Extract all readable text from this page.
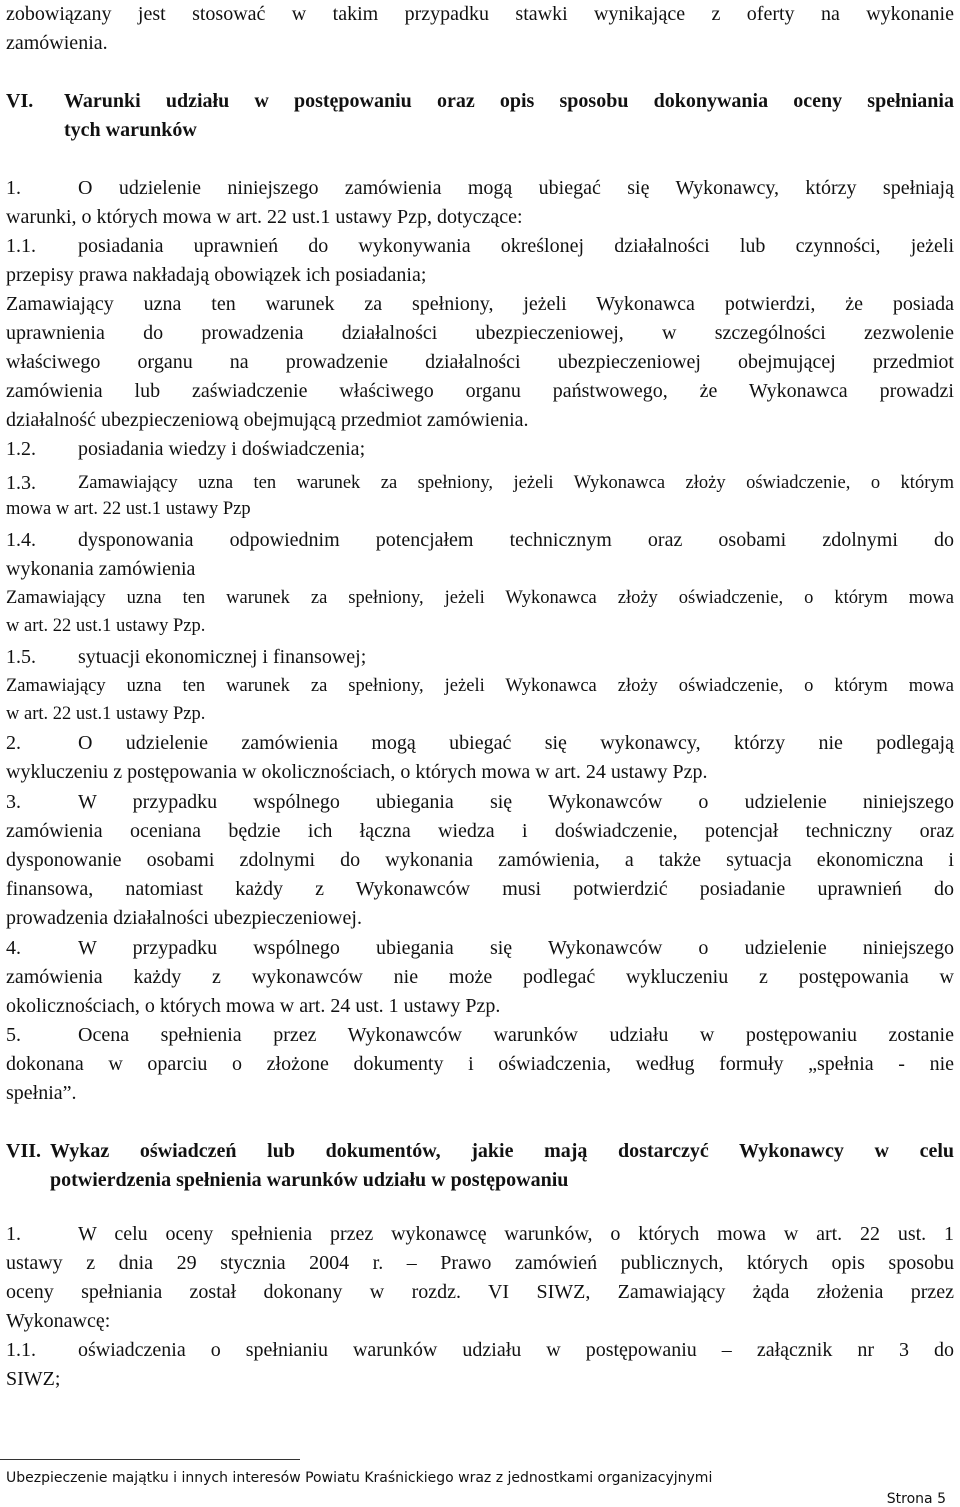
zobowiązany jest stosować w takim przypadku stawki wynikające z oferty na wykonanie
zamówienia.
VI. Warunki udziału w postępowaniu oraz opis sposobu dokonywania oceny spełniania
tych warunków
1.	O udzielenie niniejszego zamówienia mogą ubiegać się Wykonawcy, którzy spełniają
warunki, o których mowa w art. 22 ust.1 ustawy Pzp, dotyczące:
1.1. posiadania uprawnień do wykonywania określonej działalności lub czynności, jeżeli
przepisy prawa nakładają obowiązek ich posiadania;
Zamawiający uzna ten warunek za spełniony, jeżeli Wykonawca potwierdzi, że posiada
uprawnienia do prowadzenia działalności ubezpieczeniowej, w szczególności zezwolenie
właściwego organu na prowadzenie działalności ubezpieczeniowej obejmującej przedmiot
zamówienia lub zaświadczenie właściwego organu państwowego, że Wykonawca prowadzi
działalność ubezpieczeniową obejmującą przedmiot zamówienia.
1.2. posiadania wiedzy i doświadczenia;
1.3. Zamawiający uzna ten warunek za spełniony, jeżeli Wykonawca złoży oświadczenie, o którym
mowa w art. 22 ust.1 ustawy Pzp
1.4. dysponowania odpowiednim potencjałem technicznym oraz osobami zdolnymi do
wykonania zamówienia
Zamawiający uzna ten warunek za spełniony, jeżeli Wykonawca złoży oświadczenie, o którym mowa
w art. 22 ust.1 ustawy Pzp.
1.5. sytuacji ekonomicznej i finansowej;
Zamawiający uzna ten warunek za spełniony, jeżeli Wykonawca złoży oświadczenie, o którym mowa
w art. 22 ust.1 ustawy Pzp.
2.	O udzielenie zamówienia mogą ubiegać się wykonawcy, którzy nie podlegają
wykluczeniu z postępowania w okolicznościach, o których mowa w art. 24 ustawy Pzp.
3.	W przypadku wspólnego ubiegania się Wykonawców o udzielenie niniejszego
zamówienia oceniana będzie ich łączna wiedza i doświadczenie, potencjał techniczny oraz
dysponowanie osobami zdolnymi do wykonania zamówienia, a także sytuacja ekonomiczna i
finansowa, natomiast każdy z Wykonawców musi potwierdzić posiadanie uprawnień do
prowadzenia działalności ubezpieczeniowej.
4.	W przypadku wspólnego ubiegania się Wykonawców o udzielenie niniejszego
zamówienia każdy z wykonawców nie może podlegać wykluczeniu z postępowania w
okolicznościach, o których mowa w art. 24 ust. 1 ustawy Pzp.
5.	Ocena spełnienia przez Wykonawców warunków udziału w postępowaniu zostanie
dokonana w oparciu o złożone dokumenty i oświadczenia, według formuły „spełnia - nie
spełnia”.
VII. Wykaz oświadczeń lub dokumentów, jakie mają dostarczyć Wykonawcy w celu
potwierdzenia spełnienia warunków udziału w postępowaniu
1.	W celu oceny spełnienia przez wykonawcę warunków, o których mowa w art. 22 ust. 1
ustawy z dnia 29 stycznia 2004 r. – Prawo zamówień publicznych, których opis sposobu
oceny spełniania został dokonany w rozdz. VI SIWZ, Zamawiający żąda złożenia przez
Wykonawcę:
1.1. oświadczenia o spełnianiu warunków udziału w postępowaniu – załącznik nr 3 do
SIWZ;
Ubezpieczenie majątku i innych interesów Powiatu Kraśnickiego wraz z jednostkami organizacyjnymi
Strona 5
